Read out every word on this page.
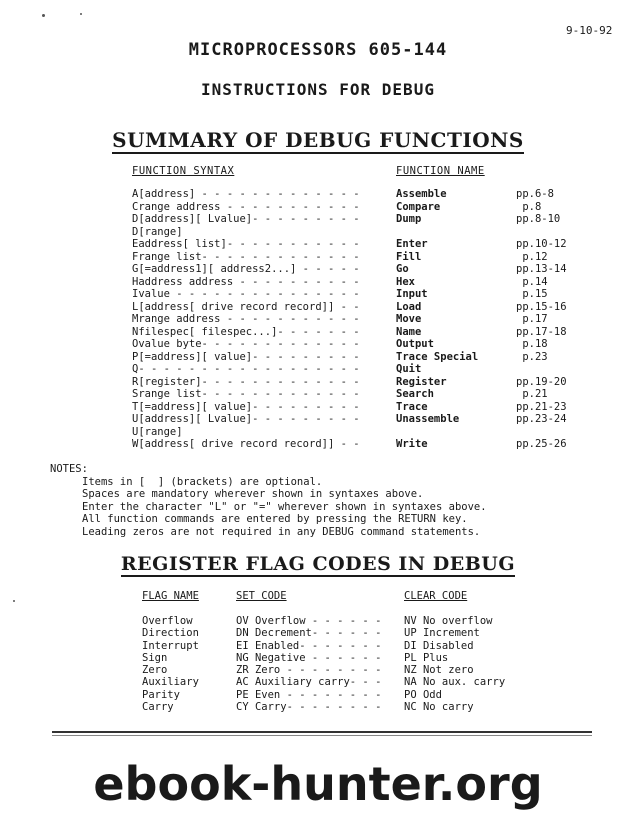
9-10-92
MICROPROCESSORS 605-144
INSTRUCTIONS FOR DEBUG
SUMMARY OF DEBUG FUNCTIONS
FUNCTION SYNTAX	FUNCTION NAME
A[address] - - - - - - - - - - - - -	Assemble	pp.6-8
Crange address - - - - - - - - - - -	Compare	p.8
D[address][ Lvalue]- - - - - - - - -	Dump	pp.8-10
D[range]
Eaddress[ list]- - - - - - - - - - -	Enter	pp.10-12
Frange list- - - - - - - - - - - - -	Fill	p.12
G[=address1][ address2...] - - - - -	Go	pp.13-14
Haddress address - - - - - - - - - -	Hex	p.14
Ivalue - - - - - - - - - - - - - - -	Input	p.15
L[address[ drive record record]] - -	Load	pp.15-16
Mrange address - - - - - - - - - - -	Move	p.17
Nfilespec[ filespec...]- - - - - - -	Name	pp.17-18
Ovalue byte- - - - - - - - - - - - -	Output	p.18
P[=address][ value]- - - - - - - - -	Trace Special	p.23
Q- - - - - - - - - - - - - - - - - -	Quit
R[register]- - - - - - - - - - - - -	Register	pp.19-20
Srange list- - - - - - - - - - - - -	Search	p.21
T[=address][ value]- - - - - - - - -	Trace	pp.21-23
U[address][ Lvalue]- - - - - - - - -	Unassemble	pp.23-24
U[range]
W[address[ drive record record]] - -	Write	pp.25-26
NOTES:
Items in [  ] (brackets) are optional.
Spaces are mandatory wherever shown in syntaxes above.
Enter the character "L" or "=" wherever shown in syntaxes above.
All function commands are entered by pressing the RETURN key.
Leading zeros are not required in any DEBUG command statements.
REGISTER FLAG CODES IN DEBUG
FLAG NAME	SET CODE	CLEAR CODE
Overflow	OV Overflow - - - - - - NV No overflow
Direction	DN Decrement- - - - - - UP Increment
Interrupt	EI Enabled- - - - - - - DI Disabled
Sign	NG Negative - - - - - - PL Plus
Zero	ZR Zero - - - - - - - - NZ Not zero
Auxiliary	AC Auxiliary carry- - - NA No aux. carry
Parity	PE Even - - - - - - - - PO Odd
Carry	CY Carry- - - - - - - - NC No carry
ebook-hunter.org
